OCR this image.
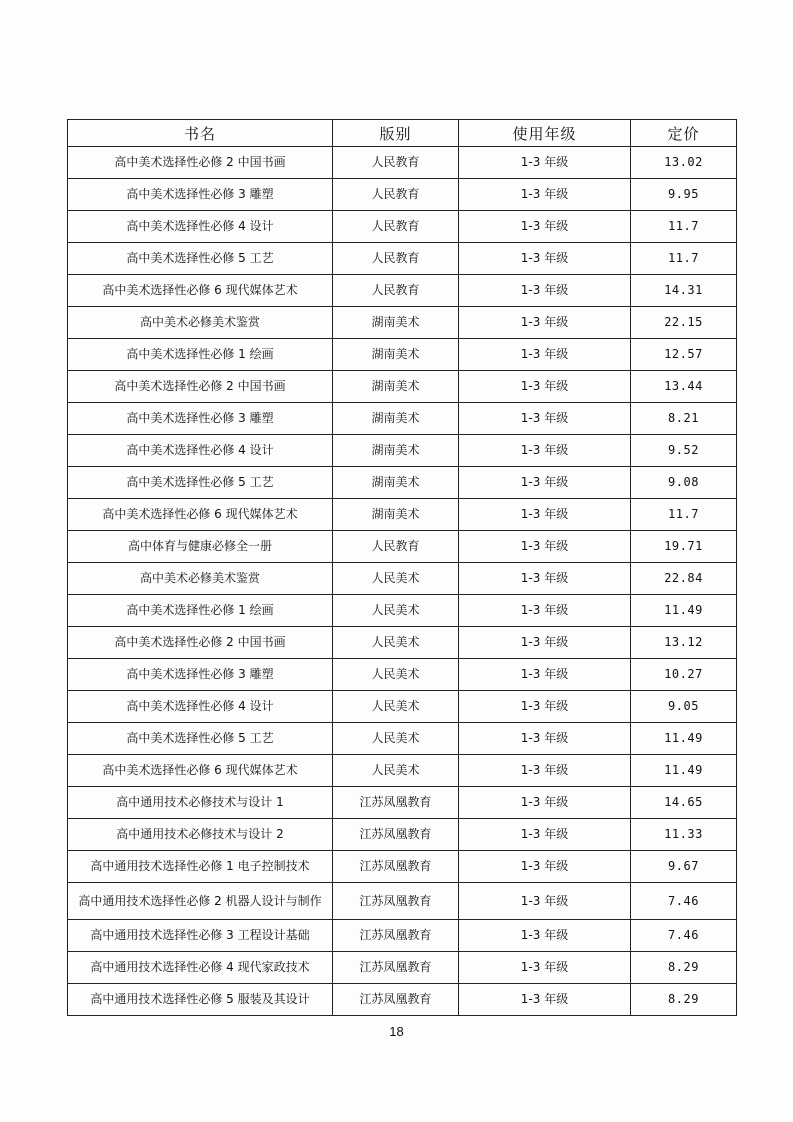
书名	版别	使用年级	定价
高中美术选择性必修 2 中国书画	人民教育	1-3 年级	13.02
高中美术选择性必修 3 雕塑	人民教育	1-3 年级	9.95
高中美术选择性必修 4 设计	人民教育	1-3 年级	11.7
高中美术选择性必修 5 工艺	人民教育	1-3 年级	11.7
高中美术选择性必修 6 现代媒体艺术	人民教育	1-3 年级	14.31
高中美术必修美术鉴赏	湖南美术	1-3 年级	22.15
高中美术选择性必修 1 绘画	湖南美术	1-3 年级	12.57
高中美术选择性必修 2 中国书画	湖南美术	1-3 年级	13.44
高中美术选择性必修 3 雕塑	湖南美术	1-3 年级	8.21
高中美术选择性必修 4 设计	湖南美术	1-3 年级	9.52
高中美术选择性必修 5 工艺	湖南美术	1-3 年级	9.08
高中美术选择性必修 6 现代媒体艺术	湖南美术	1-3 年级	11.7
高中体育与健康必修全一册	人民教育	1-3 年级	19.71
高中美术必修美术鉴赏	人民美术	1-3 年级	22.84
高中美术选择性必修 1 绘画	人民美术	1-3 年级	11.49
高中美术选择性必修 2 中国书画	人民美术	1-3 年级	13.12
高中美术选择性必修 3 雕塑	人民美术	1-3 年级	10.27
高中美术选择性必修 4 设计	人民美术	1-3 年级	9.05
高中美术选择性必修 5 工艺	人民美术	1-3 年级	11.49
高中美术选择性必修 6 现代媒体艺术	人民美术	1-3 年级	11.49
高中通用技术必修技术与设计 1	江苏凤凰教育	1-3 年级	14.65
高中通用技术必修技术与设计 2	江苏凤凰教育	1-3 年级	11.33
高中通用技术选择性必修 1 电子控制技术	江苏凤凰教育	1-3 年级	9.67
高中通用技术选择性必修 2 机器人设计与制作	江苏凤凰教育	1-3 年级	7.46
高中通用技术选择性必修 3 工程设计基础	江苏凤凰教育	1-3 年级	7.46
高中通用技术选择性必修 4 现代家政技术	江苏凤凰教育	1-3 年级	8.29
高中通用技术选择性必修 5 服装及其设计	江苏凤凰教育	1-3 年级	8.29
18
